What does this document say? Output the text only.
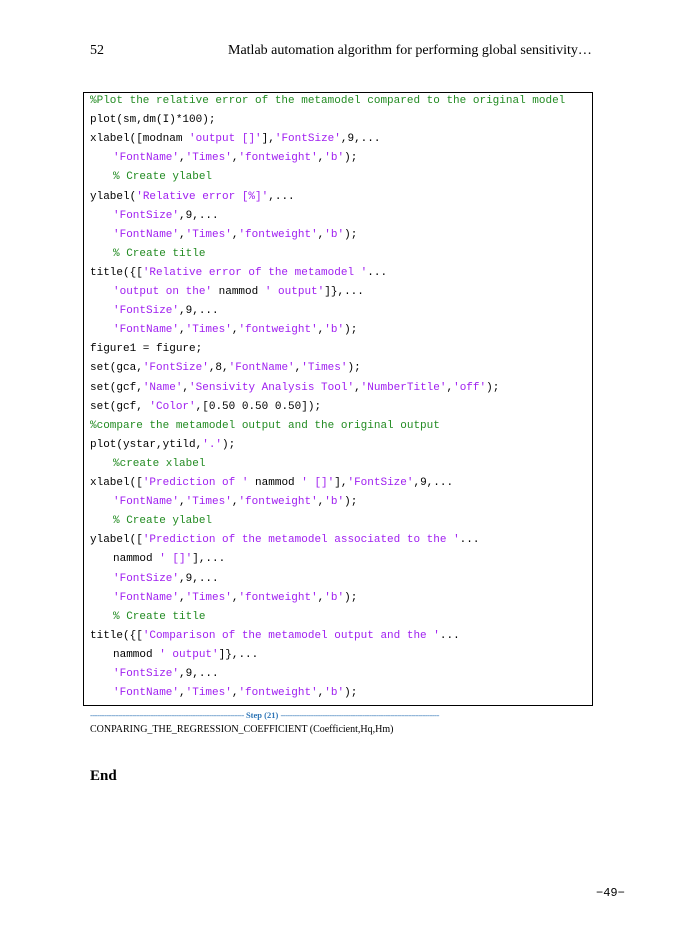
52	Matlab automation algorithm for performing global sensitivity…
%Plot the relative error of the metamodel compared to the original model
plot(sm,dm(I)*100);
xlabel([modnam 'output []'],'FontSize',9,...
'FontName','Times','fontweight','b');
% Create ylabel
ylabel('Relative error [%]',...
'FontSize',9,...
'FontName','Times','fontweight','b');
% Create title
title({['Relative error of the metamodel '...
'output on the' nammod ' output']},...
'FontSize',9,...
'FontName','Times','fontweight','b');
figure1 = figure;
set(gca,'FontSize',8,'FontName','Times');
set(gcf,'Name','Sensivity Analysis Tool','NumberTitle','off');
set(gcf, 'Color',[0.50 0.50 0.50]);
%compare the metamodel output and the original output
plot(ystar,ytild,'.');
%create xlabel
xlabel(['Prediction of ' nammod ' []'],'FontSize',9,...
'FontName','Times','fontweight','b');
% Create ylabel
ylabel(['Prediction of the metamodel associated to the '...
nammod ' []'],...
'FontSize',9,...
'FontName','Times','fontweight','b');
% Create title
title({['Comparison of the metamodel output and the '...
nammod ' output']},...
'FontSize',9,...
'FontName','Times','fontweight','b');
------------------------------------------------------------------ Step (21) --------------------------------------------------------------------
CONPARING_THE_REGRESSION_COEFFICIENT (Coefficient,Hq,Hm)
End
−49−
